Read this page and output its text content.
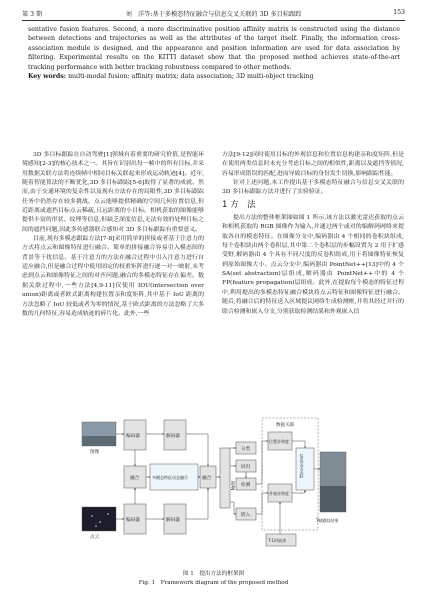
第 3 期	刘　洋等:基于多模态特征融合与信息交叉关联的 3D 多目标跟踪	153

sentative fusion features. Second, a more discriminative position affinity matrix is constructed using the distance between detections and trajectories as well as the attributes of the target itself. Finally, the information cross-association module is designed, and the appearance and position information are used for data association by filtering. Experimental results on the KITTI dataset show that the proposed method achieves state-of-the-art tracking performance with better tracking robustness compared to other methods.

Key words: multi-modal fusion; affinity matrix; data association; 3D multi-object tracking

3D 多目标跟踪在自动驾驶[1]领域有着重要的研究价值,是智能环境感知[2-3]的核心技术之一。其旨在识别出每一帧中的所有目标,并采用数据关联方法将连续帧中相同目标关联起来形成运动轨迹[4]。近年,随着智能算法的不断优化,3D 多目标跟踪[5-6]取得了显著的成就。然而,由于交通环境的复杂性以及现有方法存在的局限性,3D 多目标跟踪任务中仍然存在较多挑战。点云能够提供精确的空间几何位置信息,但近距离或遮挡目标点云稀疏,且远距离的小目标。相机获取的图像能够提供丰富的形状、纹理等信息,但缺乏深度信息,无法有效的处理目标之间的遮挡问题,因此多传感器联合感知对 3D 多目标跟踪有重要意义。

目前,现有多模态跟踪方法[7-8]采用简单的拼接或者基于注意力的方式将点云和图像特征进行融合。简单的拼接融合容易引入模态间的背景等干扰信息。基于注意力的方法在融合过程中引入注意力进行自适应融合,但是融合过程中使用固定的权重矩阵进行逐一对一映射,未考虑到点云和图像特征之间的对齐问题,融合的多模态特征存在偏差。数据关联过程中,一些方法[4,9-11]仅使用 IOU(intersection over union)距离或者欧式距离构建位置亲和度矩阵,其中基于 IoU 距离的方法忽略了 IoU 较低或者为零的情况,基于欧式距离的方法忽略了大多数的几何特征,容易造成轨迹的碎片化。此外,一些

方法[9-12]同时使用目标的外观信息和位置信息构建亲和度矩阵,但是在使用两类信息时未充分考虑目标之间的相似性,距离以及遮挡等情况,容易形成错误的匹配,进而导致目标的身份发生切换,影响跟踪性能。

针对上述问题,本工作提出基于多模态特征融合与信息交叉关联的 3D 多目标跟踪方法并进行了实验验证。

1 方　法

提出方法的整体框架图如图 1 所示,该方法以激光雷达获取的点云和相机获取的 RGB 图像作为输入,并通过两个或对的编解码网络来提取各自的模态特征。在图像分支中,编码器由 4 个相同的卷积块组成,每个卷积块由两个卷积层,其中第二个卷积层的步幅设置为 2 用于扩感受野,解码器由 4 个具有不同尺度的反卷积组成,用于将图像特征恢复到原始图像大小。点云分支中,编码器由 PointNet++[13]中的 4 个 SA(set abstraction)层组成,解码器由 PointNet++中的 4 个 FP(feature propagation)层组成。此外,在提取每个模态的特征过程中,利用提出的多模态特征融合模块将点云特征和图像特征进行融合。随后,将融合后的特征送入区域提议网络生成检测框,并将其经过并行的联合检测和嵌入分支,分别获取检测结果和外观嵌入信

图像
点云
编码器	解码器
编码器	解码器
融合	多模态特征动态融合	融合
RPN
分类
回归
检测
嵌入
数据关联
位置亲和度
外观亲和度
信息交叉关联
T-1时轨迹
T帧跟踪结果
图 1　提出方法的框架图
Fig. 1　Framework diagram of the proposed method
